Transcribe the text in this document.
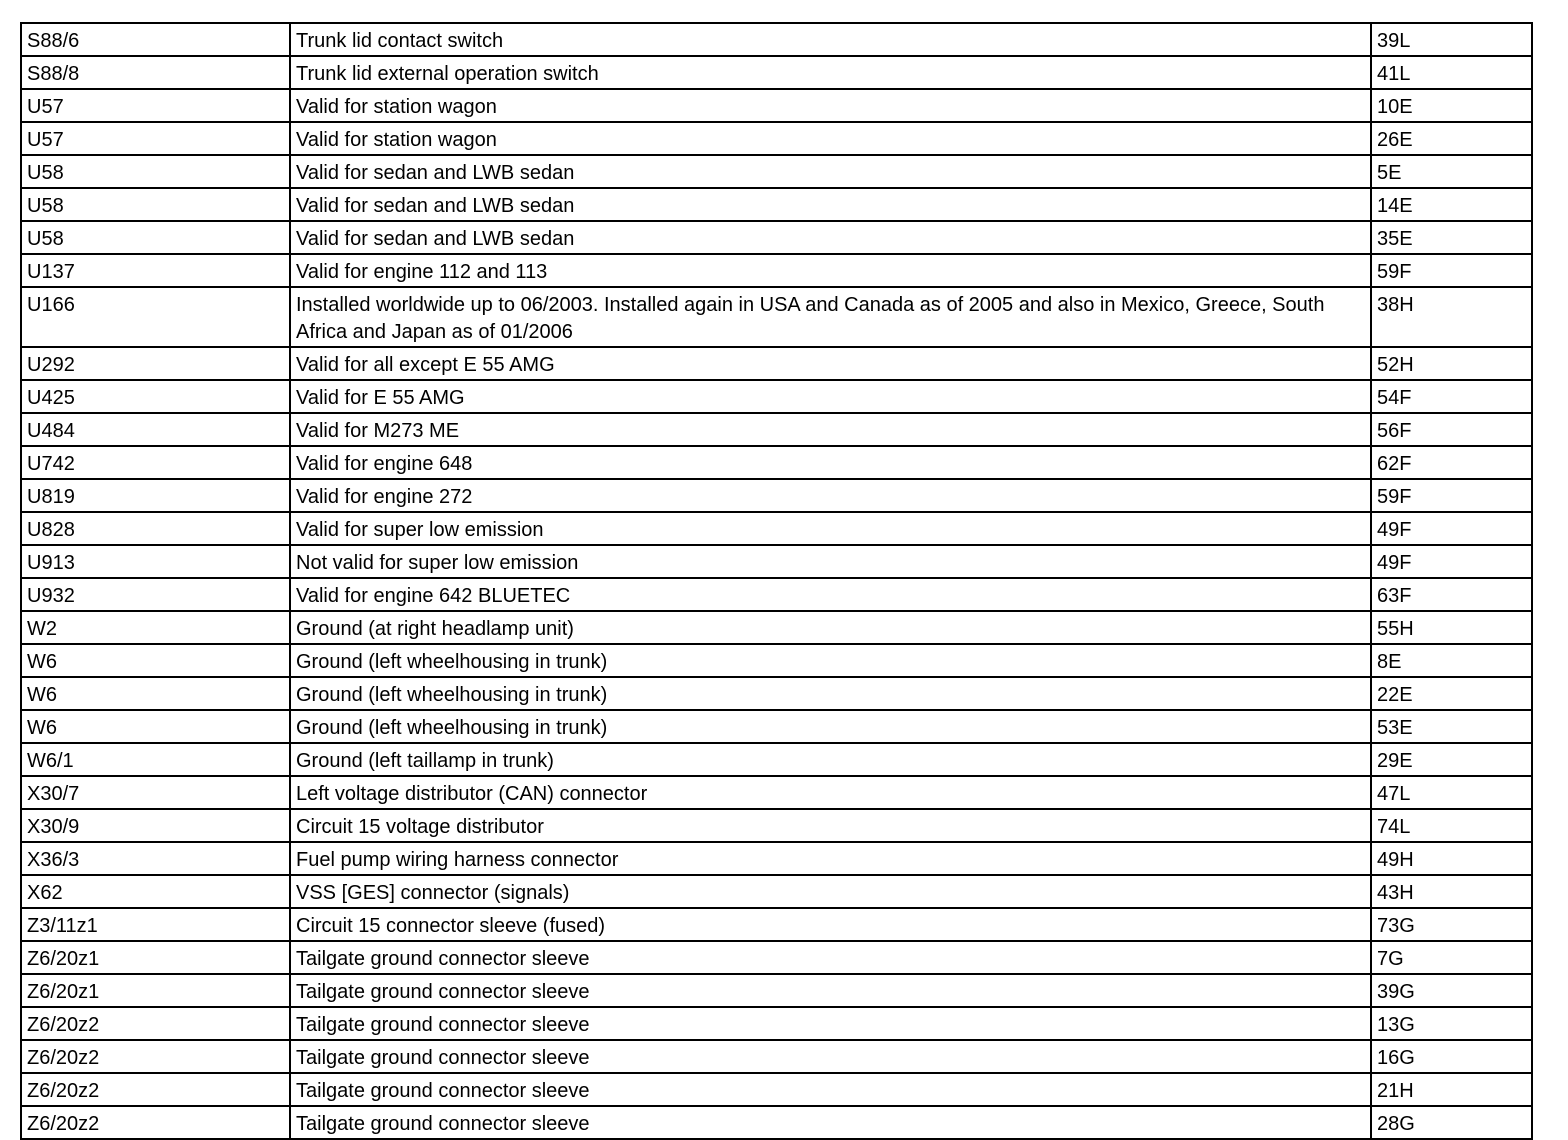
S88/6	Trunk lid contact switch	39L
S88/8	Trunk lid external operation switch	41L
U57	Valid for station wagon	10E
U57	Valid for station wagon	26E
U58	Valid for sedan and LWB sedan	5E
U58	Valid for sedan and LWB sedan	14E
U58	Valid for sedan and LWB sedan	35E
U137	Valid for engine 112 and 113	59F
U166	Installed worldwide up to 06/2003. Installed again in USA and Canada as of 2005 and also in Mexico, Greece, South Africa and Japan as of 01/2006	38H
U292	Valid for all except E 55 AMG	52H
U425	Valid for E 55 AMG	54F
U484	Valid for M273 ME	56F
U742	Valid for engine 648	62F
U819	Valid for engine 272	59F
U828	Valid for super low emission	49F
U913	Not valid for super low emission	49F
U932	Valid for engine 642 BLUETEC	63F
W2	Ground (at right headlamp unit)	55H
W6	Ground (left wheelhousing in trunk)	8E
W6	Ground (left wheelhousing in trunk)	22E
W6	Ground (left wheelhousing in trunk)	53E
W6/1	Ground (left taillamp in trunk)	29E
X30/7	Left voltage distributor (CAN) connector	47L
X30/9	Circuit 15 voltage distributor	74L
X36/3	Fuel pump wiring harness connector	49H
X62	VSS [GES] connector (signals)	43H
Z3/11z1	Circuit 15 connector sleeve (fused)	73G
Z6/20z1	Tailgate ground connector sleeve	7G
Z6/20z1	Tailgate ground connector sleeve	39G
Z6/20z2	Tailgate ground connector sleeve	13G
Z6/20z2	Tailgate ground connector sleeve	16G
Z6/20z2	Tailgate ground connector sleeve	21H
Z6/20z2	Tailgate ground connector sleeve	28G
